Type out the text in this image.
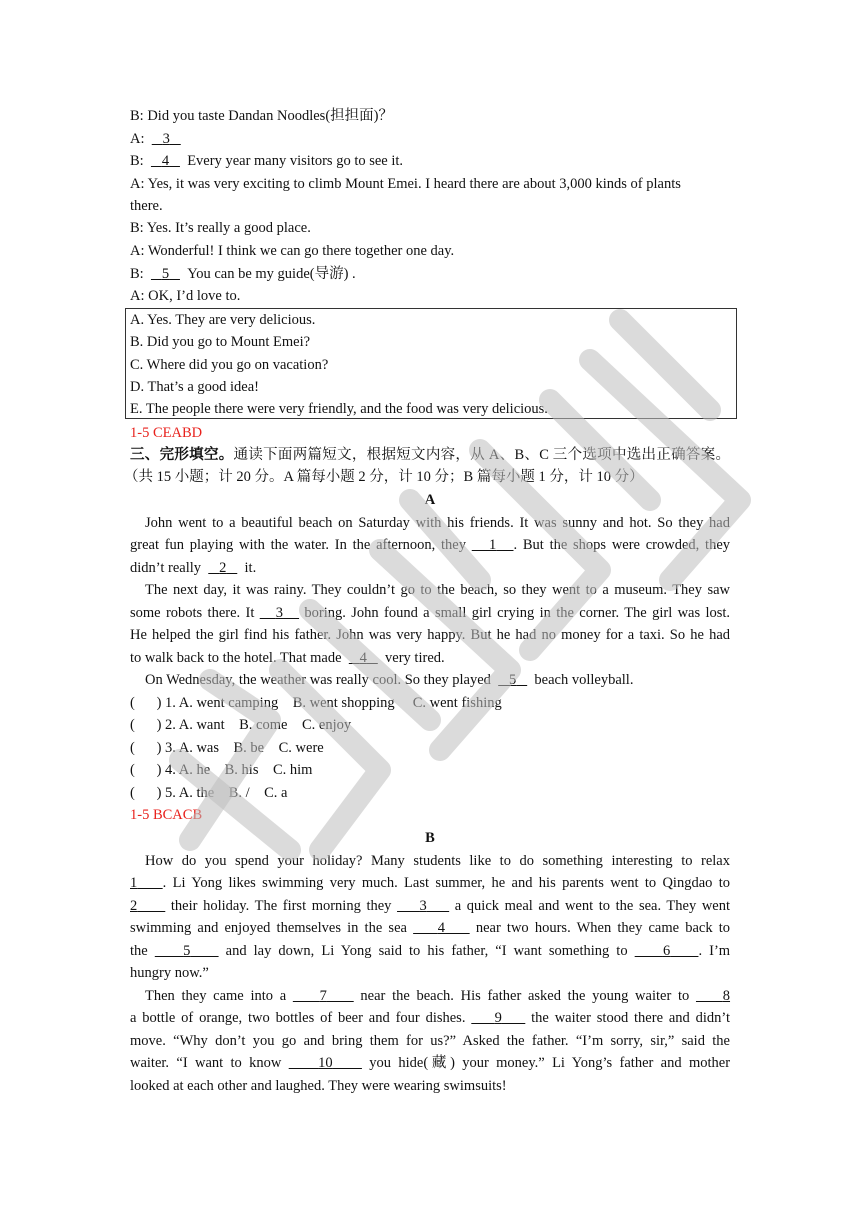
B: Did you taste Dandan Noodles(担担面)？
A:     3
B:     4     Every year many visitors go to see it.
A: Yes, it was very exciting to climb Mount Emei. I heard there are about 3,000 kinds of plants
there.
B: Yes. It’s really a good place.
A: Wonderful! I think we can go there together one day.
B:     5     You can be my guide(导游) .
A: OK, I’d love to.
A. Yes. They are very delicious.
B. Did you go to Mount Emei?
C. Where did you go on vacation?
D. That’s a good idea!
E. The people there were very friendly, and the food was very delicious.
1-5 CEABD
三、完形填空。通读下面两篇短文，根据短文内容，从 A、B、C 三个选项中选出正确答案。
（共 15 小题；计 20 分。A 篇每小题 2 分，计 10 分；B 篇每小题 1 分，计 10 分）
A
John went to a beautiful beach on Saturday with his friends. It was sunny and hot. So they had
great fun playing with the water. In the afternoon, they 1 . But the shops were crowded, they
didn’t really 2 it.
The next day, it was rainy. They couldn’t go to the beach, so they went to a museum. They saw
some robots there. It 3 boring. John found a small girl crying in the corner. The girl was lost.
He helped the girl find his father. John was very happy. But he had no money for a taxi. So he had
to walk back to the hotel. That made 4 very tired.
On Wednesday, the weather was really cool. So they played 5 beach volleyball.
(      ) 1. A. went camping    B. went shopping     C. went fishing
(      ) 2. A. want    B. come    C. enjoy
(      ) 3. A. was    B. be    C. were
(      ) 4. A. he    B. his    C. him
(      ) 5. A. the    B. /    C. a
1-5 BCACB
B
How do you spend your holiday? Many students like to do something interesting to relax
1 . Li Yong likes swimming very much. Last summer, he and his parents went to Qingdao to
2 their holiday. The first morning they 3 a quick meal and went to the sea. They went
swimming and enjoyed themselves in the sea 4 near two hours. When they came back to
the 5 and lay down, Li Yong said to his father, “I want something to 6 . I’m
hungry now.”
Then they came into a 7 near the beach. His father asked the young waiter to 8
a bottle of orange, two bottles of beer and four dishes. 9 the waiter stood there and didn’t
move. “Why don’t you go and bring them for us?” Asked the father. “I’m sorry, sir,” said the
waiter. “I want to know	10	you hide(藏) your money.” Li Yong’s father and mother
looked at each other and laughed. They were wearing swimsuits!
